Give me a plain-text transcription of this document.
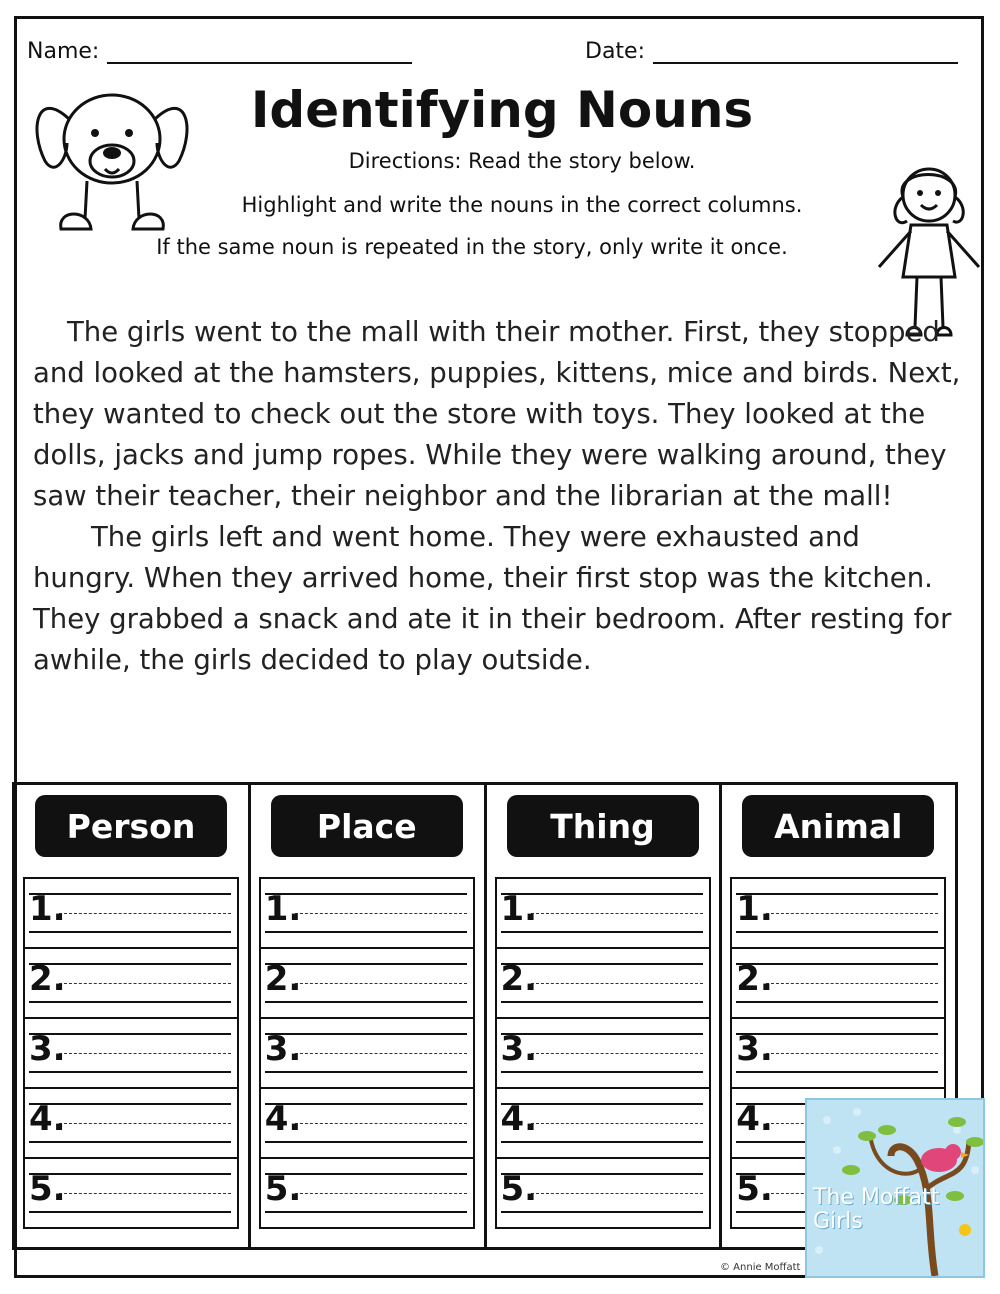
Name:	Date:
Identifying Nouns
Directions: Read the story below.
Highlight and write the nouns in the correct columns.
If the same noun is repeated in the story, only write it once.

The girls went to the mall with their mother. First, they stopped and looked at the hamsters, puppies, kittens, mice and birds. Next, they wanted to check out the store with toys. They looked at the dolls, jacks and jump ropes. While they were walking around, they saw their teacher, their neighbor and the librarian at the mall!

The girls left and went home. They were exhausted and hungry. When they arrived home, their first stop was the kitchen. They grabbed a snack and ate it in their bedroom. After resting for awhile, the girls decided to play outside.

Person
1.
2.
3.
4.
5.
Place
1.
2.
3.
4.
5.
Thing
1.
2.
3.
4.
5.
Animal
1.
2.
3.
4.
5.
© Annie Moffatt
The Moffatt Girls
